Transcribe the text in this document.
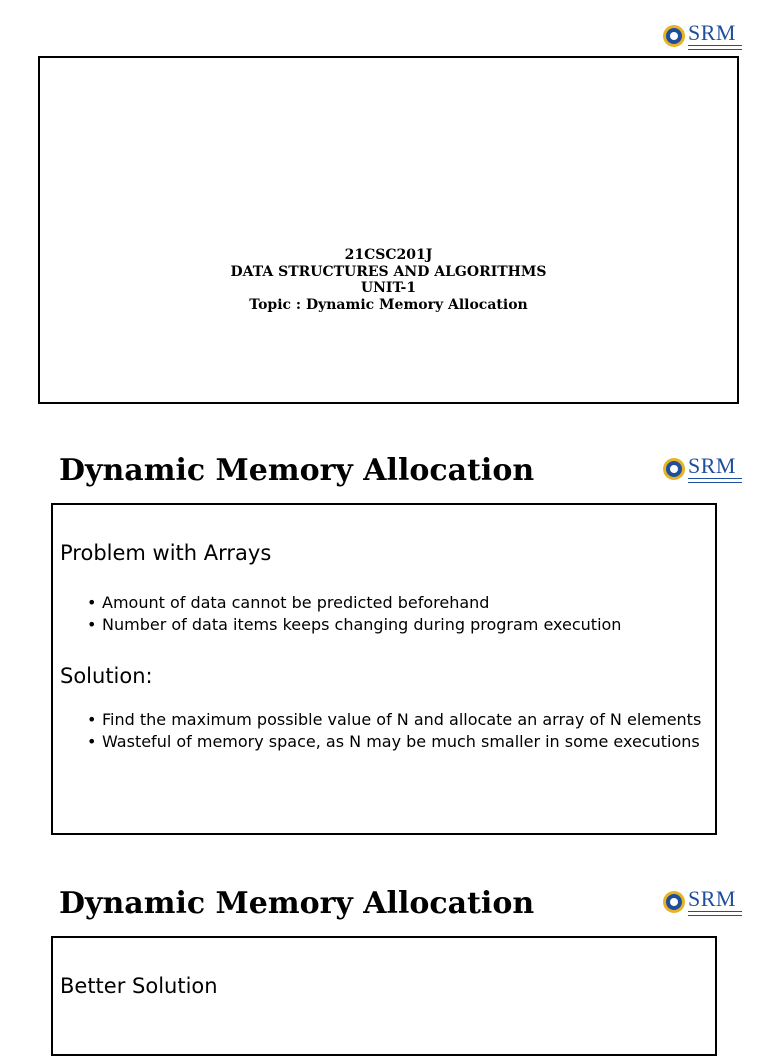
SRM
21CSC201J
DATA STRUCTURES AND ALGORITHMS
UNIT-1
Topic : Dynamic Memory Allocation
Dynamic Memory Allocation	SRM
Problem with Arrays
• Amount of data cannot be predicted beforehand
• Number of data items keeps changing during program execution
Solution:
• Find the maximum possible value of N and allocate an array of N elements
• Wasteful of memory space, as N may be much smaller in some executions
Dynamic Memory Allocation	SRM
Better Solution
